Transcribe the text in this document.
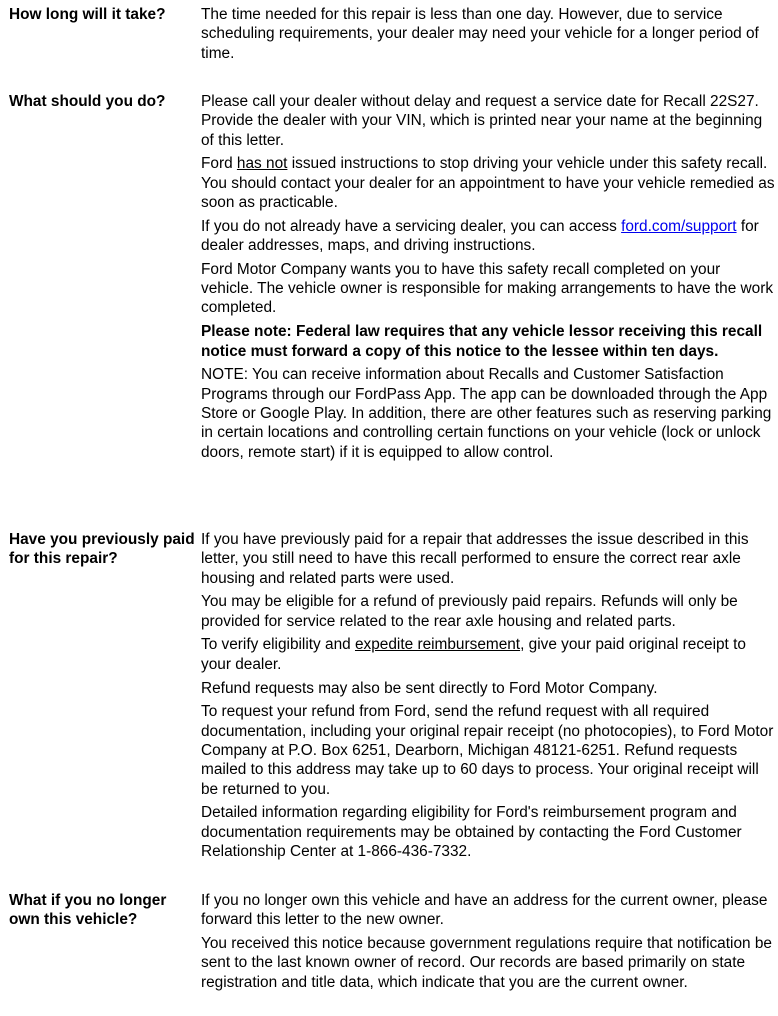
How long will it take?	The time needed for this repair is less than one day. However, due to service scheduling requirements, your dealer may need your vehicle for a longer period of time.

What should you do?	Please call your dealer without delay and request a service date for Recall 22S27. Provide the dealer with your VIN, which is printed near your name at the beginning of this letter.

Ford has not issued instructions to stop driving your vehicle under this safety recall. You should contact your dealer for an appointment to have your vehicle remedied as soon as practicable.

If you do not already have a servicing dealer, you can access ford.com/support for dealer addresses, maps, and driving instructions.

Ford Motor Company wants you to have this safety recall completed on your vehicle. The vehicle owner is responsible for making arrangements to have the work completed.

Please note: Federal law requires that any vehicle lessor receiving this recall notice must forward a copy of this notice to the lessee within ten days.

NOTE: You can receive information about Recalls and Customer Satisfaction Programs through our FordPass App. The app can be downloaded through the App Store or Google Play. In addition, there are other features such as reserving parking in certain locations and controlling certain functions on your vehicle (lock or unlock doors, remote start) if it is equipped to allow control.

Have you previously paid for this repair?

If you have previously paid for a repair that addresses the issue described in this letter, you still need to have this recall performed to ensure the correct rear axle housing and related parts were used.

You may be eligible for a refund of previously paid repairs. Refunds will only be provided for service related to the rear axle housing and related parts.

To verify eligibility and expedite reimbursement, give your paid original receipt to your dealer.

Refund requests may also be sent directly to Ford Motor Company.

To request your refund from Ford, send the refund request with all required documentation, including your original repair receipt (no photocopies), to Ford Motor Company at P.O. Box 6251, Dearborn, Michigan 48121-6251. Refund requests mailed to this address may take up to 60 days to process. Your original receipt will be returned to you.

Detailed information regarding eligibility for Ford's reimbursement program and documentation requirements may be obtained by contacting the Ford Customer Relationship Center at 1-866-436-7332.

What if you no longer own this vehicle?

If you no longer own this vehicle and have an address for the current owner, please forward this letter to the new owner.

You received this notice because government regulations require that notification be sent to the last known owner of record. Our records are based primarily on state registration and title data, which indicate that you are the current owner.
